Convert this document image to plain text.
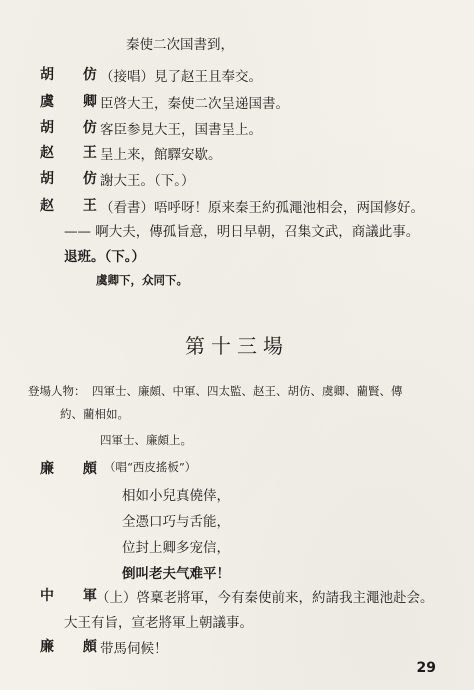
秦使二次国書到，
胡 仿
（接唱）見了赵王且奉交。
虞 卿
臣啓大王，秦使二次呈递国書。
胡 仿
客臣参見大王，国書呈上。
赵 王
呈上来，館驛安歇。
胡 仿
謝大王。（下。）
赵 王
（看書）唔呼呀！原来秦王約孤澠池相会，两国修好。
—— 啊大夫，傳孤旨意，明日早朝，召集文武，商議此事。
退班。（下。）
虞卿下，众同下。
第十三場
登場人物： 四軍士、廉頗、中軍、四太監、赵王、胡仿、虞卿、藺賢、傳
約、藺相如。
四軍士、廉頗上。
廉 頗
（唱“西皮搖板”）
相如小兒真僥倖，
全憑口巧与舌能，
位封上卿多宠信，
倒叫老夫气难平！
中 軍
（上）啓稟老將軍，今有秦使前来，約請我主澠池赴会。
大王有旨，宣老將軍上朝議事。
廉 頗
带馬伺候！
29
